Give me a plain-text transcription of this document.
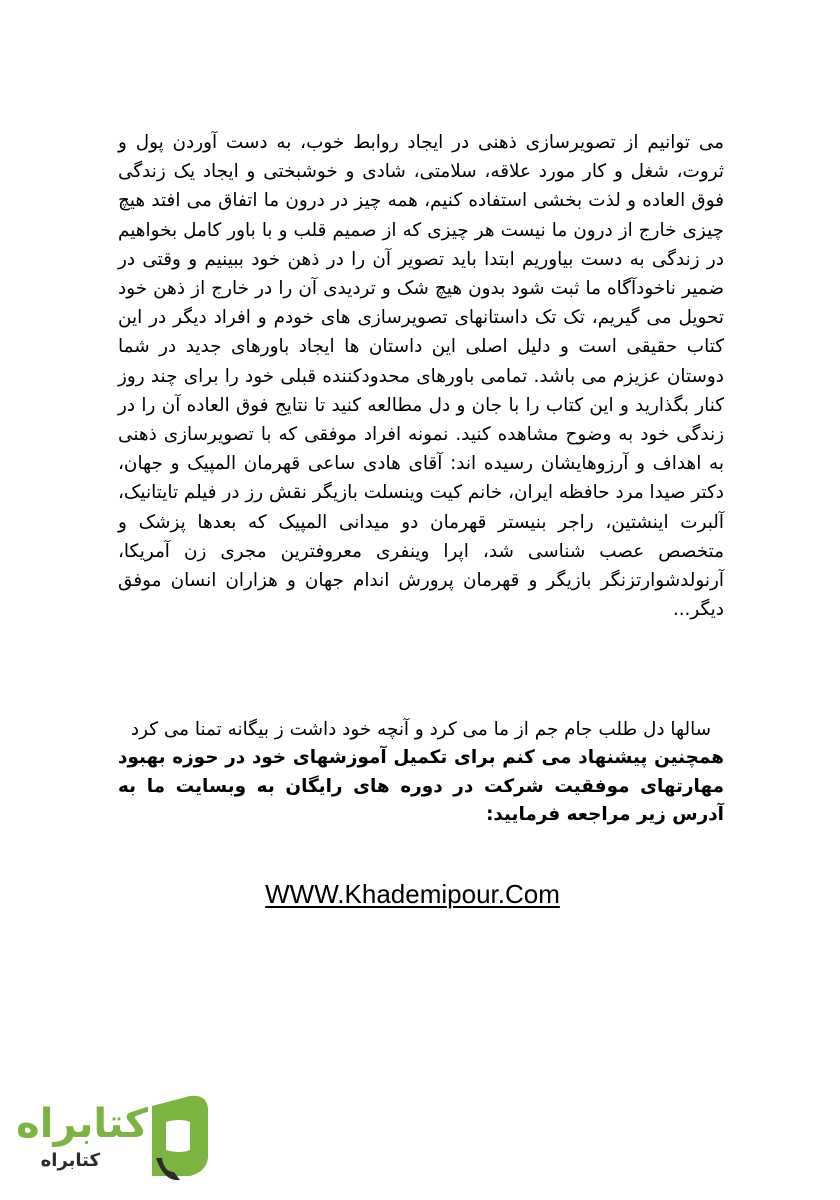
می توانیم از تصویرسازی ذهنی در ایجاد روابط خوب، به دست آوردن پول و ثروت، شغل و کار مورد علاقه، سلامتی، شادی و خوشبختی و ایجاد یک زندگی فوق العاده و لذت بخشی استفاده کنیم، همه چیز در درون ما اتفاق می افتد هیچ چیزی خارج از درون ما نیست هر چیزی که از صمیم قلب و با باور کامل بخواهیم در زندگی به دست بیاوریم ابتدا باید تصویر آن را در ذهن خود ببینیم و وقتی در ضمیر ناخودآگاه ما ثبت شود بدون هیچ شک و تردیدی آن را در خارج از ذهن خود تحویل می گیریم، تک تک داستانهای تصویرسازی های خودم و افراد دیگر در این کتاب حقیقی است و دلیل اصلی این داستان ها ایجاد باورهای جدید در شما دوستان عزیزم می باشد. تمامی باورهای محدودکننده قبلی خود را برای چند روز کنار بگذارید و این کتاب را با جان و دل مطالعه کنید تا نتایج فوق العاده آن را در زندگی خود به وضوح مشاهده کنید. نمونه افراد موفقی که با تصویرسازی ذهنی به اهداف و آرزوهایشان رسیده اند: آقای هادی ساعی قهرمان المپیک و جهان، دکتر صیدا مرد حافظه ایران، خانم کیت وینسلت بازیگر نقش رز در فیلم تایتانیک، آلبرت اینشتین، راجر بنیستر قهرمان دو میدانی المپیک که بعدها پزشک و متخصص عصب شناسی شد، اپرا وینفری معروفترین مجری زن آمریکا، آرنولدشوارتزنگر بازیگر و قهرمان پرورش اندام جهان و هزاران انسان موفق دیگر...

سالها دل طلب جام جم از ما می کرد و آنچه خود داشت ز بیگانه تمنا می کرد

همچنین پیشنهاد می کنم برای تکمیل آموزشهای خود در حوزه بهبود مهارتهای موفقیت شرکت در دوره های رایگان به وبسایت ما به آدرس زیر مراجعه فرمایید:

WWW.Khademipour.Com
کتابراه
کتابراه
